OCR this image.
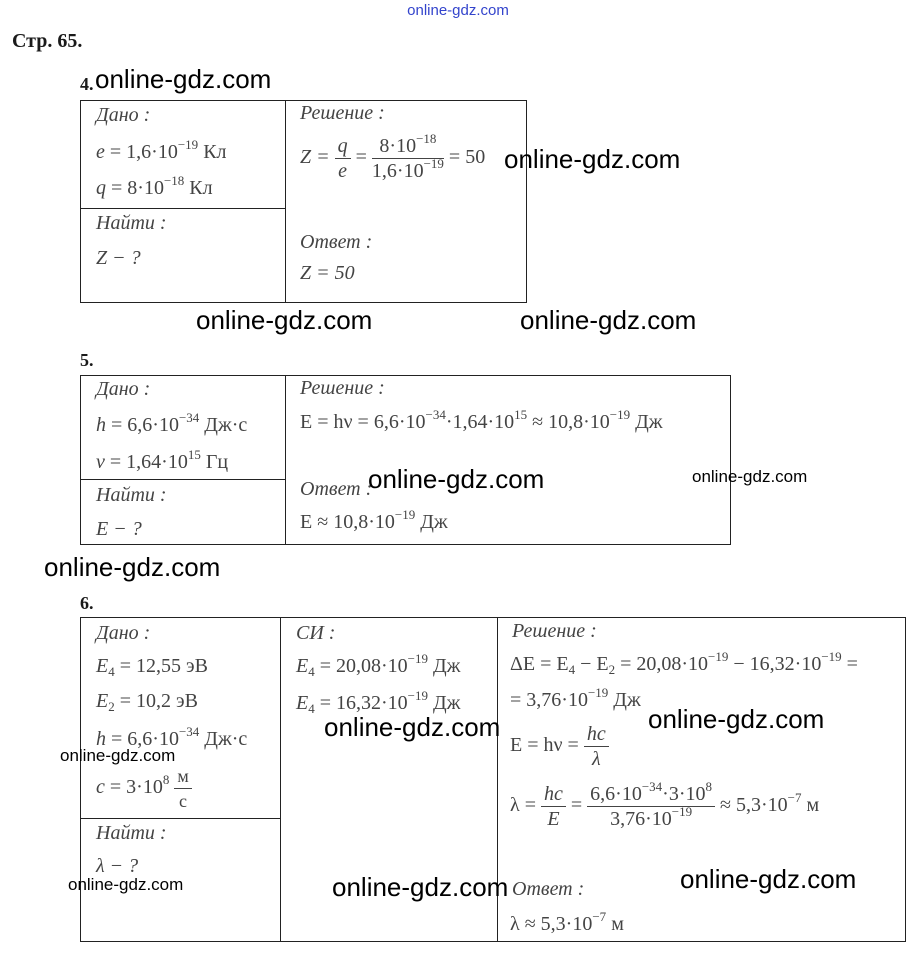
online-gdz.com
Стр. 65.
4.
Дано :
$e = 1,6\cdot 10^{-19}$ Кл
$q = 8\cdot 10^{-18}$ Кл
Найти :
Z − ?
Решение :
$Z = \frac{q}{e} = \frac{8\cdot 10^{-18}}{1,6\cdot 10^{-19}} = 50$
Ответ :
Z = 50
5.
Дано :
$h = 6,6\cdot 10^{-34}$ Дж·с
$\nu = 1,64\cdot 10^{15}$ Гц
Найти :
E − ?
Решение :
$E = h\nu = 6,6\cdot 10^{-34}\cdot 1,64\cdot 10^{15} \approx 10,8\cdot 10^{-19}$ Дж
Ответ :
$E \approx 10,8\cdot 10^{-19}$ Дж
6.
Дано :
$E_4 = 12,55$ эВ
$E_2 = 10,2$ эВ
$h = 6,6\cdot 10^{-34}$ Дж·с
$c = 3\cdot 10^8 \frac{м}{с}$
Найти :
λ − ?
СИ :
$E_4 = 20,08\cdot 10^{-19}$ Дж
$E_4 = 16,32\cdot 10^{-19}$ Дж
Решение :
$\Delta E = E_4 - E_2 = 20,08\cdot 10^{-19} - 16,32\cdot 10^{-19}$ =
= $3,76\cdot 10^{-19}$ Дж
$E = h\nu = \frac{hc}{\lambda}$
$\lambda = \frac{hc}{E} = \frac{6,6\cdot 10^{-34}\cdot 3\cdot 10^8}{3,76\cdot 10^{-19}} \approx 5,3\cdot 10^{-7}$ м
Ответ :
$\lambda \approx 5,3\cdot 10^{-7}$ м
online-gdz.com
online-gdz.com
online-gdz.com	online-gdz.com
online-gdz.com	online-gdz.com
online-gdz.com
online-gdz.com	online-gdz.com
online-gdz.com
online-gdz.com	online-gdz.com	online-gdz.com
